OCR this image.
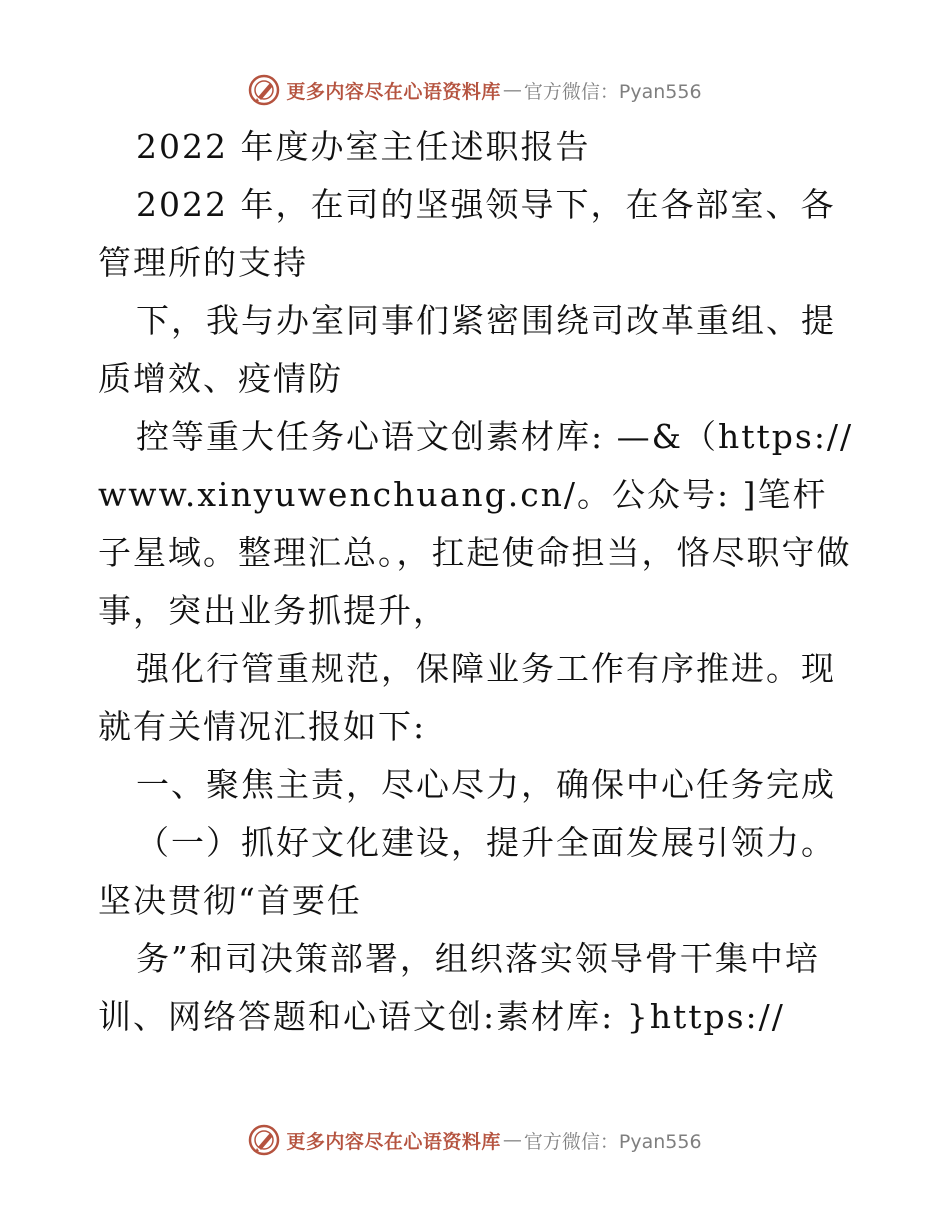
更多内容尽在心语资料库 — 官方微信：Pyan556

2022 年度办室主任述职报告

2022 年，在司的坚强领导下，在各部室、各管理所的支持

下，我与办室同事们紧密围绕司改革重组、提质增效、疫情防

控等重大任务心语文创素材库: —&（https://www.xinyuwenchuang.cn/。公众号: ]笔杆子星域。整理汇总。，扛起使命担当，恪尽职守做事，突出业务抓提升，

强化行管重规范，保障业务工作有序推进。现就有关情况汇报如下:

一、聚焦主责，尽心尽力，确保中心任务完成

（一）抓好文化建设，提升全面发展引领力。坚决贯彻“首要任

务”和司决策部署，组织落实领导骨干集中培训、网络答题和心语文创:素材库: }https://

更多内容尽在心语资料库 — 官方微信：Pyan556
